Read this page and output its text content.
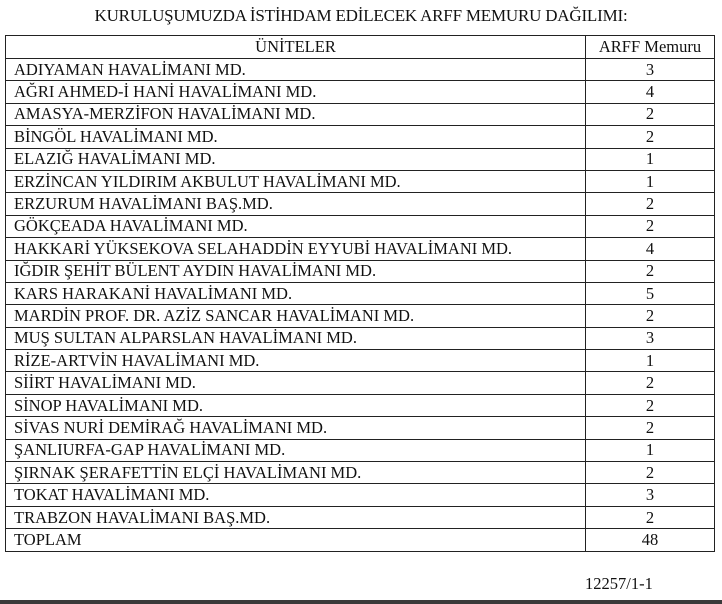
KURULUŞUMUZDA İSTİHDAM EDİLECEK ARFF MEMURU DAĞILIMI:
ÜNİTELER	ARFF Memuru
ADIYAMAN HAVALİMANI MD.	3
AĞRI AHMED-İ HANİ HAVALİMANI MD.	4
AMASYA-MERZİFON HAVALİMANI MD.	2
BİNGÖL HAVALİMANI MD.	2
ELAZIĞ HAVALİMANI MD.	1
ERZİNCAN YILDIRIM AKBULUT HAVALİMANI MD.	1
ERZURUM HAVALİMANI BAŞ.MD.	2
GÖKÇEADA HAVALİMANI MD.	2
HAKKARİ YÜKSEKOVA SELAHADDİN EYYUBİ HAVALİMANI MD.	4
IĞDIR ŞEHİT BÜLENT AYDIN HAVALİMANI MD.	2
KARS HARAKANİ HAVALİMANI MD.	5
MARDİN PROF. DR. AZİZ SANCAR HAVALİMANI MD.	2
MUŞ SULTAN ALPARSLAN HAVALİMANI MD.	3
RİZE-ARTVİN HAVALİMANI MD.	1
SİİRT HAVALİMANI MD.	2
SİNOP HAVALİMANI MD.	2
SİVAS NURİ DEMİRAĞ HAVALİMANI MD.	2
ŞANLIURFA-GAP HAVALİMANI MD.	1
ŞIRNAK ŞERAFETTİN ELÇİ HAVALİMANI MD.	2
TOKAT HAVALİMANI MD.	3
TRABZON HAVALİMANI BAŞ.MD.	2
TOPLAM	48
12257/1-1
